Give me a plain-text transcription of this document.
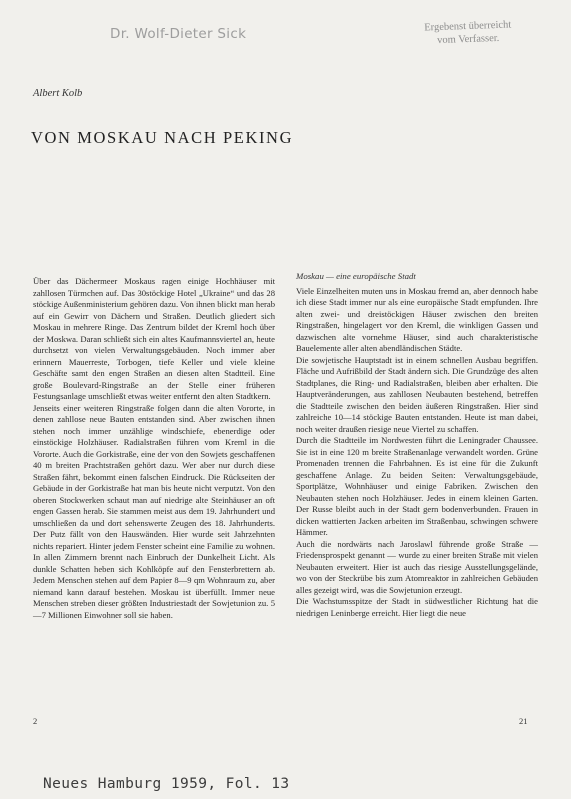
Dr. Wolf-Dieter Sick	Ergebenst überreicht
vom Verfasser.
Albert Kolb
VON MOSKAU NACH PEKING

Über das Dächermeer Moskaus ragen einige Hochhäuser mit zahllosen Türmchen auf. Das 30stöckige Hotel „Ukraine“ und das 28 stöckige Außenministerium gehören dazu. Von ihnen blickt man herab auf ein Gewirr von Dächern und Straßen. Deutlich gliedert sich Moskau in mehrere Ringe. Das Zentrum bildet der Kreml hoch über der Moskwa. Daran schließt sich ein altes Kaufmannsviertel an, heute durchsetzt von vielen Verwaltungsgebäuden. Noch immer aber erinnern Mauerreste, Torbogen, tiefe Keller und viele kleine Geschäfte samt den engen Straßen an diesen alten Stadtteil. Eine große Boulevard-Ringstraße an der Stelle einer früheren Festungsanlage umschließt etwas weiter entfernt den alten Stadtkern.

Jenseits einer weiteren Ringstraße folgen dann die alten Vororte, in denen zahllose neue Bauten entstanden sind. Aber zwischen ihnen stehen noch immer unzählige windschiefe, ebenerdige oder einstöckige Holzhäuser. Radialstraßen führen vom Kreml in die Vororte. Auch die Gorkistraße, eine der von den Sowjets geschaffenen 40 m breiten Prachtstraßen gehört dazu. Wer aber nur durch diese Straßen fährt, bekommt einen falschen Eindruck. Die Rückseiten der Gebäude in der Gorkistraße hat man bis heute nicht verputzt. Von den oberen Stockwerken schaut man auf niedrige alte Steinhäuser an oft engen Gassen herab. Sie stammen meist aus dem 19. Jahrhundert und umschließen da und dort sehenswerte Zeugen des 18. Jahrhunderts. Der Putz fällt von den Hauswänden. Hier wurde seit Jahrzehnten nichts repariert. Hinter jedem Fenster scheint eine Familie zu wohnen. In allen Zimmern brennt nach Einbruch der Dunkelheit Licht. Als dunkle Schatten heben sich Kohlköpfe auf den Fensterbrettern ab. Jedem Menschen stehen auf dem Papier 8—9 qm Wohnraum zu, aber niemand kann darauf bestehen. Moskau ist überfüllt. Immer neue Menschen streben dieser größten Industriestadt der Sowjetunion zu. 5—7 Millionen Einwohner soll sie haben.

Moskau — eine europäische Stadt

Viele Einzelheiten muten uns in Moskau fremd an, aber dennoch habe ich diese Stadt immer nur als eine europäische Stadt empfunden. Ihre alten zwei- und dreistöckigen Häuser zwischen den breiten Ringstraßen, hingelagert vor den Kreml, die winkligen Gassen und dazwischen alte vornehme Häuser, sind auch charakteristische Bauelemente aller alten abendländischen Städte.

Die sowjetische Hauptstadt ist in einem schnellen Ausbau begriffen. Fläche und Aufrißbild der Stadt ändern sich. Die Grundzüge des alten Stadtplanes, die Ring- und Radialstraßen, bleiben aber erhalten. Die Hauptveränderungen, aus zahllosen Neubauten bestehend, betreffen die Stadtteile zwischen den beiden äußeren Ringstraßen. Hier sind zahlreiche 10—14 stöckige Bauten entstanden. Heute ist man dabei, noch weiter draußen riesige neue Viertel zu schaffen.

Durch die Stadtteile im Nordwesten führt die Leningrader Chaussee. Sie ist in eine 120 m breite Straßenanlage verwandelt worden. Grüne Promenaden trennen die Fahrbahnen. Es ist eine für die Zukunft geschaffene Anlage. Zu beiden Seiten: Verwaltungsgebäude, Sportplätze, Wohnhäuser und einige Fabriken. Zwischen den Neubauten stehen noch Holzhäuser. Jedes in einem kleinen Garten. Der Russe bleibt auch in der Stadt gern bodenverbunden. Frauen in dicken wattierten Jacken arbeiten im Straßenbau, schwingen schwere Hämmer.

Auch die nordwärts nach Jaroslawl führende große Straße — Friedensprospekt genannt — wurde zu einer breiten Straße mit vielen Neubauten erweitert. Hier ist auch das riesige Ausstellungsgelände, wo von der Steckrübe bis zum Atomreaktor in zahlreichen Gebäuden alles gezeigt wird, was die Sowjetunion erzeugt.

Die Wachstumsspitze der Stadt in südwestlicher Richtung hat die niedrigen Leninberge erreicht. Hier liegt die neue

2	21
Neues Hamburg 1959, Fol. 13
